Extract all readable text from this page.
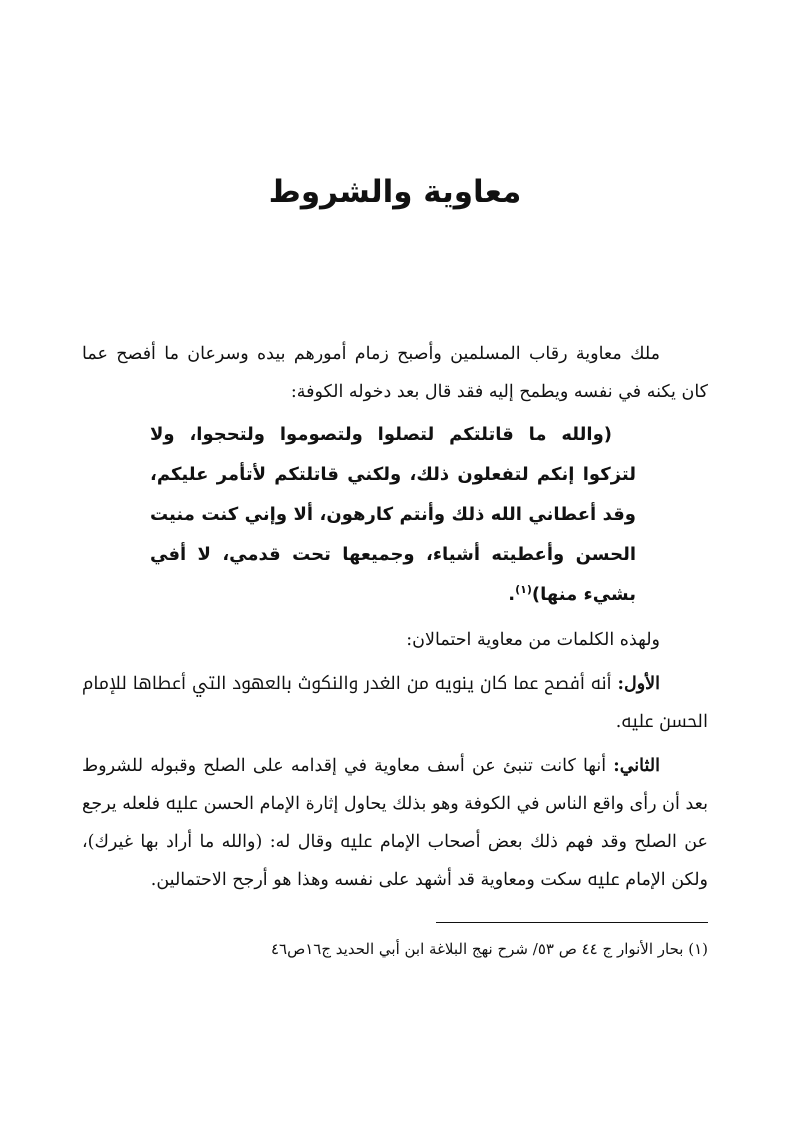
معاوية والشروط

ملك معاوية رقاب المسلمين وأصبح زمام أمورهم بيده وسرعان ما أفصح عما كان يكنه في نفسه ويطمح إليه فقد قال بعد دخوله الكوفة:

(والله ما قاتلتكم لتصلوا ولتصوموا ولتحجوا، ولا لتزكوا إنكم لتفعلون ذلك، ولكني قاتلتكم لأتأمر عليكم، وقد أعطاني الله ذلك وأنتم كارهون، ألا وإني كنت منيت الحسن وأعطيته أشياء، وجميعها تحت قدمي، لا أفي بشيء منها)$^{(١)}$.

ولهذه الكلمات من معاوية احتمالان:

الأول: أنه أفصح عما كان ينويه من الغدر والنكوث بالعهود التي أعطاها للإمام الحسن ﷷ.

الثاني: أنها كانت تنبئ عن أسف معاوية في إقدامه على الصلح وقبوله للشروط بعد أن رأى واقع الناس في الكوفة وهو بذلك يحاول إثارة الإمام الحسن ﷷ فلعله يرجع عن الصلح وقد فهم ذلك بعض أصحاب الإمام ﷷ وقال له: (والله ما أراد بها غيرك)، ولكن الإمام ﷷ سكت ومعاوية قد أشهد على نفسه وهذا هو أرجح الاحتمالين.

(١) بحار الأنوار ج ٤٤ ص ٥٣/ شرح نهج البلاغة ابن أبي الحديد ج١٦ص٤٦
